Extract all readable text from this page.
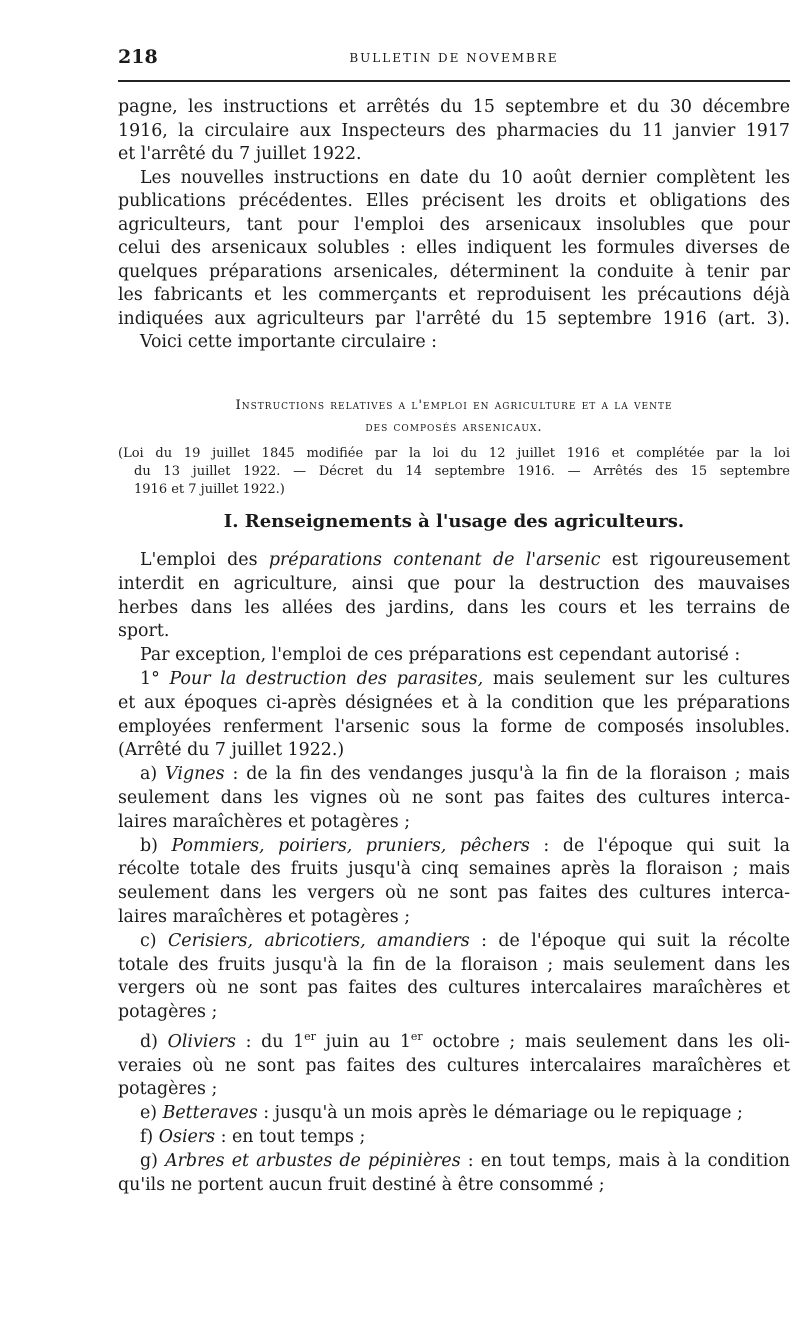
218	BULLETIN DE NOVEMBRE
pagne, les instructions et arrêtés du 15 septembre et du 30 décembre
1916, la circulaire aux Inspecteurs des pharmacies du 11 janvier 1917
et l'arrêté du 7 juillet 1922.
Les nouvelles instructions en date du 10 août dernier complètent les
publications précédentes. Elles précisent les droits et obligations des
agriculteurs, tant pour l'emploi des arsenicaux insolubles que pour
celui des arsenicaux solubles : elles indiquent les formules diverses de
quelques préparations arsenicales, déterminent la conduite à tenir par
les fabricants et les commerçants et reproduisent les précautions déjà
indiquées aux agriculteurs par l'arrêté du 15 septembre 1916 (art. 3).
Voici cette importante circulaire :
Instructions relatives a l'emploi en agriculture et a la vente
des composés arsenicaux.
(Loi du 19 juillet 1845 modifiée par la loi du 12 juillet 1916 et complétée par la loi
du 13 juillet 1922. — Décret du 14 septembre 1916. — Arrêtés des 15 septembre
1916 et 7 juillet 1922.)
I. Renseignements à l'usage des agriculteurs.
L'emploi des préparations contenant de l'arsenic est rigoureusement
interdit en agriculture, ainsi que pour la destruction des mauvaises
herbes dans les allées des jardins, dans les cours et les terrains de
sport.
Par exception, l'emploi de ces préparations est cependant autorisé :
1° Pour la destruction des parasites, mais seulement sur les cultures
et aux époques ci-après désignées et à la condition que les préparations
employées renferment l'arsenic sous la forme de composés insolubles.
(Arrêté du 7 juillet 1922.)
a) Vignes : de la fin des vendanges jusqu'à la fin de la floraison ; mais
seulement dans les vignes où ne sont pas faites des cultures interca-
laires maraîchères et potagères ;
b) Pommiers, poiriers, pruniers, pêchers : de l'époque qui suit la
récolte totale des fruits jusqu'à cinq semaines après la floraison ; mais
seulement dans les vergers où ne sont pas faites des cultures interca-
laires maraîchères et potagères ;
c) Cerisiers, abricotiers, amandiers : de l'époque qui suit la récolte
totale des fruits jusqu'à la fin de la floraison ; mais seulement dans les
vergers où ne sont pas faites des cultures intercalaires maraîchères et
potagères ;
d) Oliviers : du 1er juin au 1er octobre ; mais seulement dans les oli-
veraies où ne sont pas faites des cultures intercalaires maraîchères et
potagères ;
e) Betteraves : jusqu'à un mois après le démariage ou le repiquage ;
f) Osiers : en tout temps ;
g) Arbres et arbustes de pépinières : en tout temps, mais à la condition
qu'ils ne portent aucun fruit destiné à être consommé ;
